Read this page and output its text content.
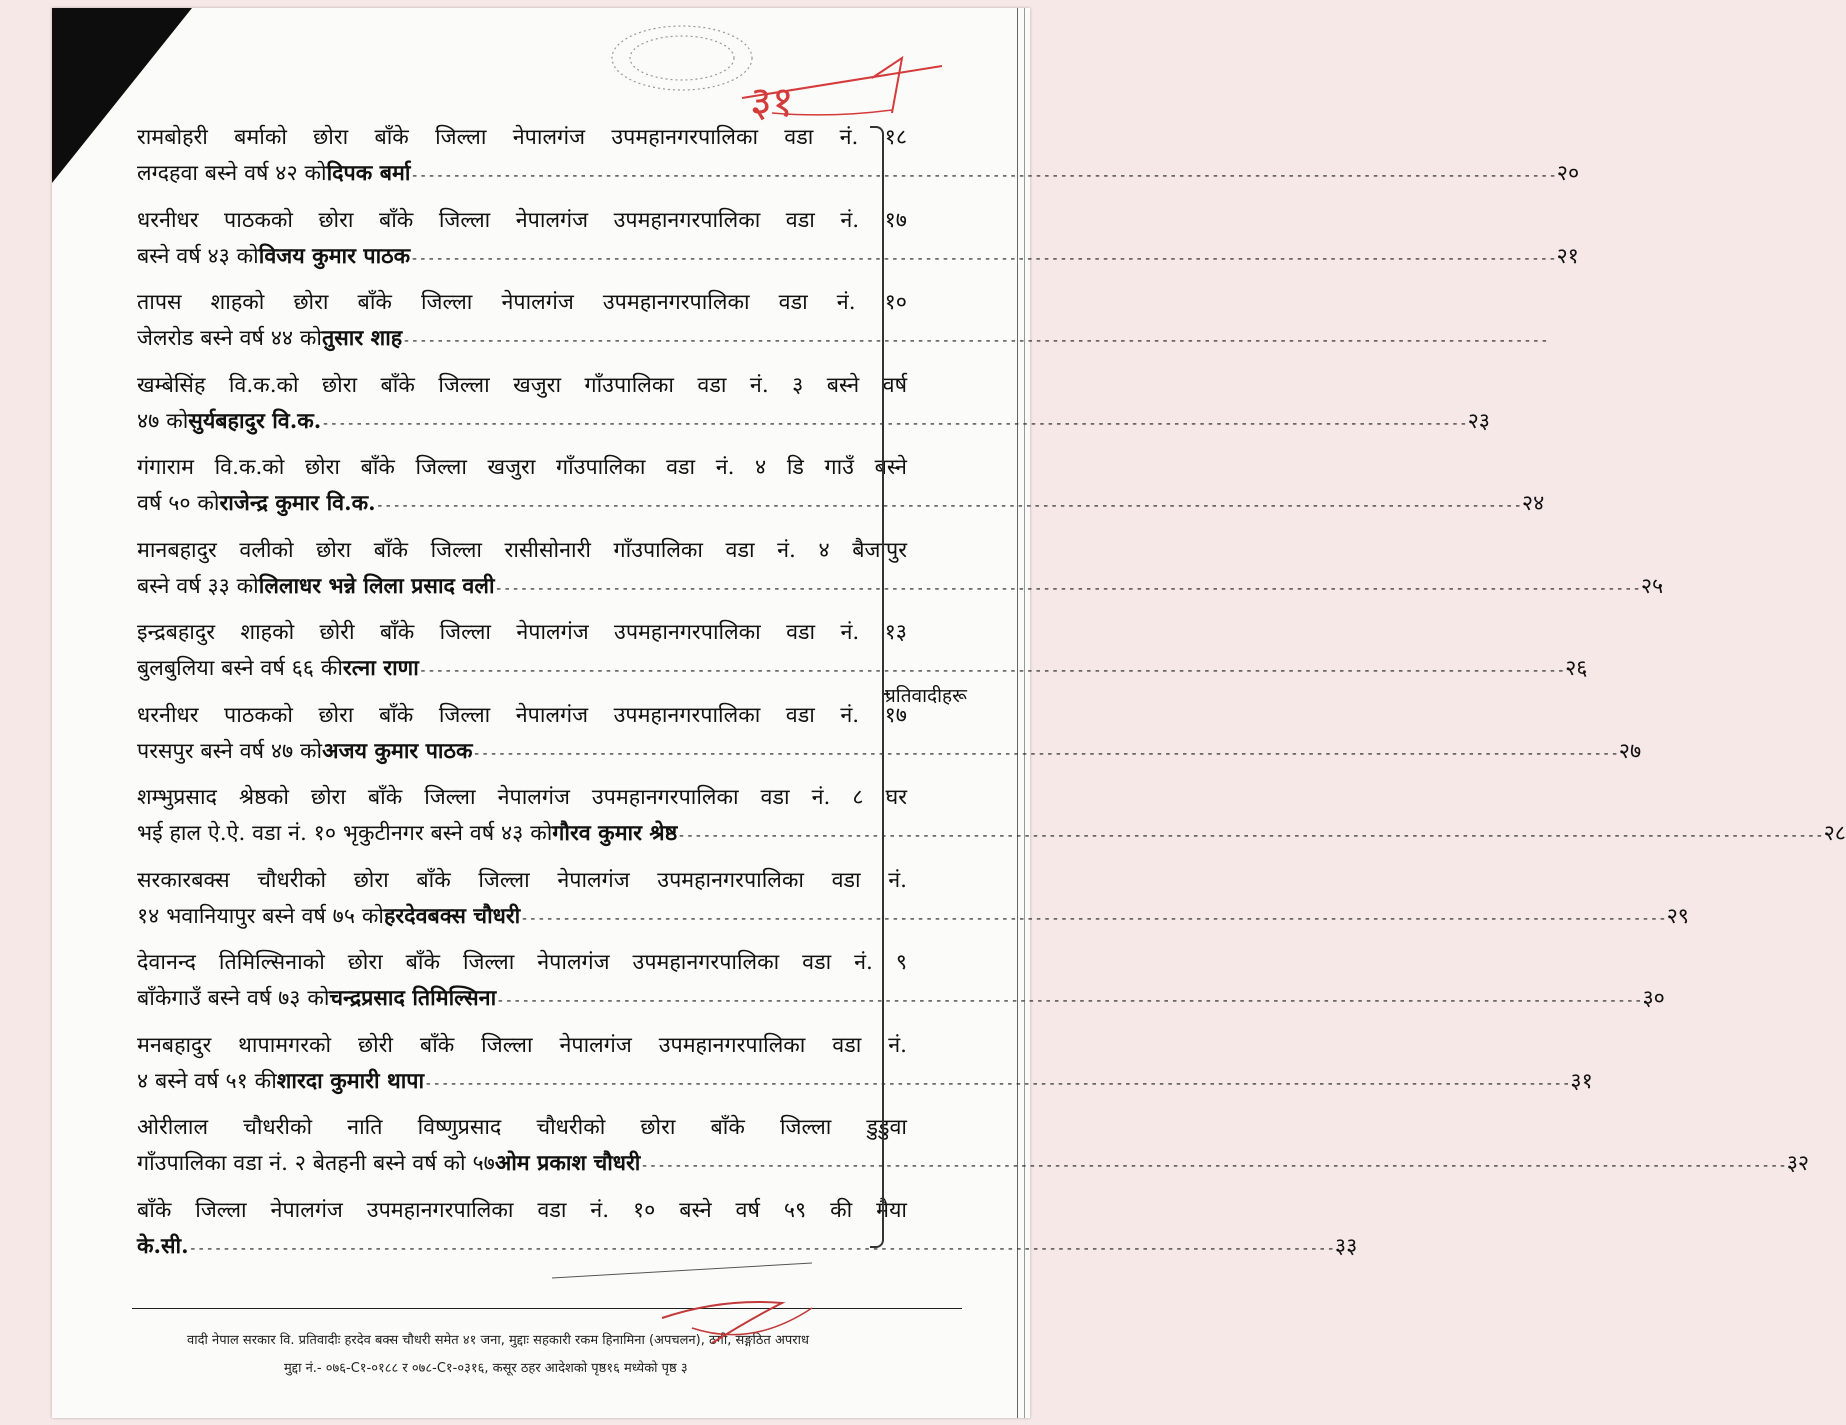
३१
रामबोहरी बर्माको छोरा बाँके जिल्ला नेपालगंज उपमहानगरपालिका वडा नं. १८
लग्दहवा बस्ने वर्ष ४२ को दिपक बर्मा ---------------------------------------------------------------------------------------------------------------------------------------- २०
धरनीधर पाठकको छोरा बाँके जिल्ला नेपालगंज उपमहानगरपालिका वडा नं. १७
बस्ने वर्ष ४३ को विजय कुमार पाठक ---------------------------------------------------------------------------------------------------------------------------------------- २१
तापस शाहको छोरा बाँके जिल्ला नेपालगंज उपमहानगरपालिका वडा नं. १०
जेलरोड बस्ने वर्ष ४४ को तुसार शाह ----------------------------------------------------------------------------------------------------------------------------------------
खम्बेसिंह वि.क.को छोरा बाँके जिल्ला खजुरा गाँउपालिका वडा नं. ३ बस्ने वर्ष
४७ को सुर्यबहादुर वि.क. ---------------------------------------------------------------------------------------------------------------------------------------- २३
गंगाराम वि.क.को छोरा बाँके जिल्ला खजुरा गाँउपालिका वडा नं. ४ डि गाउँ बस्ने
वर्ष ५० को राजेन्द्र कुमार वि.क. ---------------------------------------------------------------------------------------------------------------------------------------- २४
मानबहादुर वलीको छोरा बाँके जिल्ला रासीसोनारी गाँउपालिका वडा नं. ४ बैजापुर
बस्ने वर्ष ३३ को लिलाधर भन्ने लिला प्रसाद वली ---------------------------------------------------------------------------------------------------------------------------------------- २५
इन्द्रबहादुर शाहको छोरी बाँके जिल्ला नेपालगंज उपमहानगरपालिका वडा नं. १३
बुलबुलिया बस्ने वर्ष ६६ की रत्ना राणा ---------------------------------------------------------------------------------------------------------------------------------------- २६
धरनीधर पाठकको छोरा बाँके जिल्ला नेपालगंज उपमहानगरपालिका वडा नं. १७
परसपुर बस्ने वर्ष ४७ को अजय कुमार पाठक ---------------------------------------------------------------------------------------------------------------------------------------- २७
शम्भुप्रसाद श्रेष्ठको छोरा बाँके जिल्ला नेपालगंज उपमहानगरपालिका वडा नं. ८ घर
भई हाल ऐ.ऐ. वडा नं. १० भृकुटीनगर बस्ने वर्ष ४३ को गौरव कुमार श्रेष्ठ ---------------------------------------------------------------------------------------------------------------------------------------- २८
सरकारबक्स चौधरीको छोरा बाँके जिल्ला नेपालगंज उपमहानगरपालिका वडा नं.
१४ भवानियापुर बस्ने वर्ष ७५ को हरदेवबक्स चौधरी ---------------------------------------------------------------------------------------------------------------------------------------- २९
देवानन्द तिमिल्सिनाको छोरा बाँके जिल्ला नेपालगंज उपमहानगरपालिका वडा नं. ९
बाँकेगाउँ बस्ने वर्ष ७३ को चन्द्रप्रसाद तिमिल्सिना ---------------------------------------------------------------------------------------------------------------------------------------- ३०
मनबहादुर थापामगरको छोरी बाँके जिल्ला नेपालगंज उपमहानगरपालिका वडा नं.
४ बस्ने वर्ष ५१ की शारदा कुमारी थापा ---------------------------------------------------------------------------------------------------------------------------------------- ३१
ओरीलाल चौधरीको नाति विष्णुप्रसाद चौधरीको छोरा बाँके जिल्ला डुडुवा
गाँउपालिका वडा नं. २ बेतहनी बस्ने वर्ष को ५७ ओम प्रकाश चौधरी ---------------------------------------------------------------------------------------------------------------------------------------- ३२
बाँके जिल्ला नेपालगंज उपमहानगरपालिका वडा नं. १० बस्ने वर्ष ५९ की मैया
के.सी. ---------------------------------------------------------------------------------------------------------------------------------------- ३३
प्रतिवादीहरू
वादी नेपाल सरकार वि. प्रतिवादीः हरदेव बक्स चौधरी समेत ४१ जना, मुद्दाः सहकारी रकम हिनामिना (अपचलन), ठगी, सङ्गठित अपराध
मुद्दा नं.- ०७६-C१-०१८८ र ०७८-C१-०३१६, कसूर ठहर आदेशको पृष्ठ१६ मध्येको पृष्ठ ३
